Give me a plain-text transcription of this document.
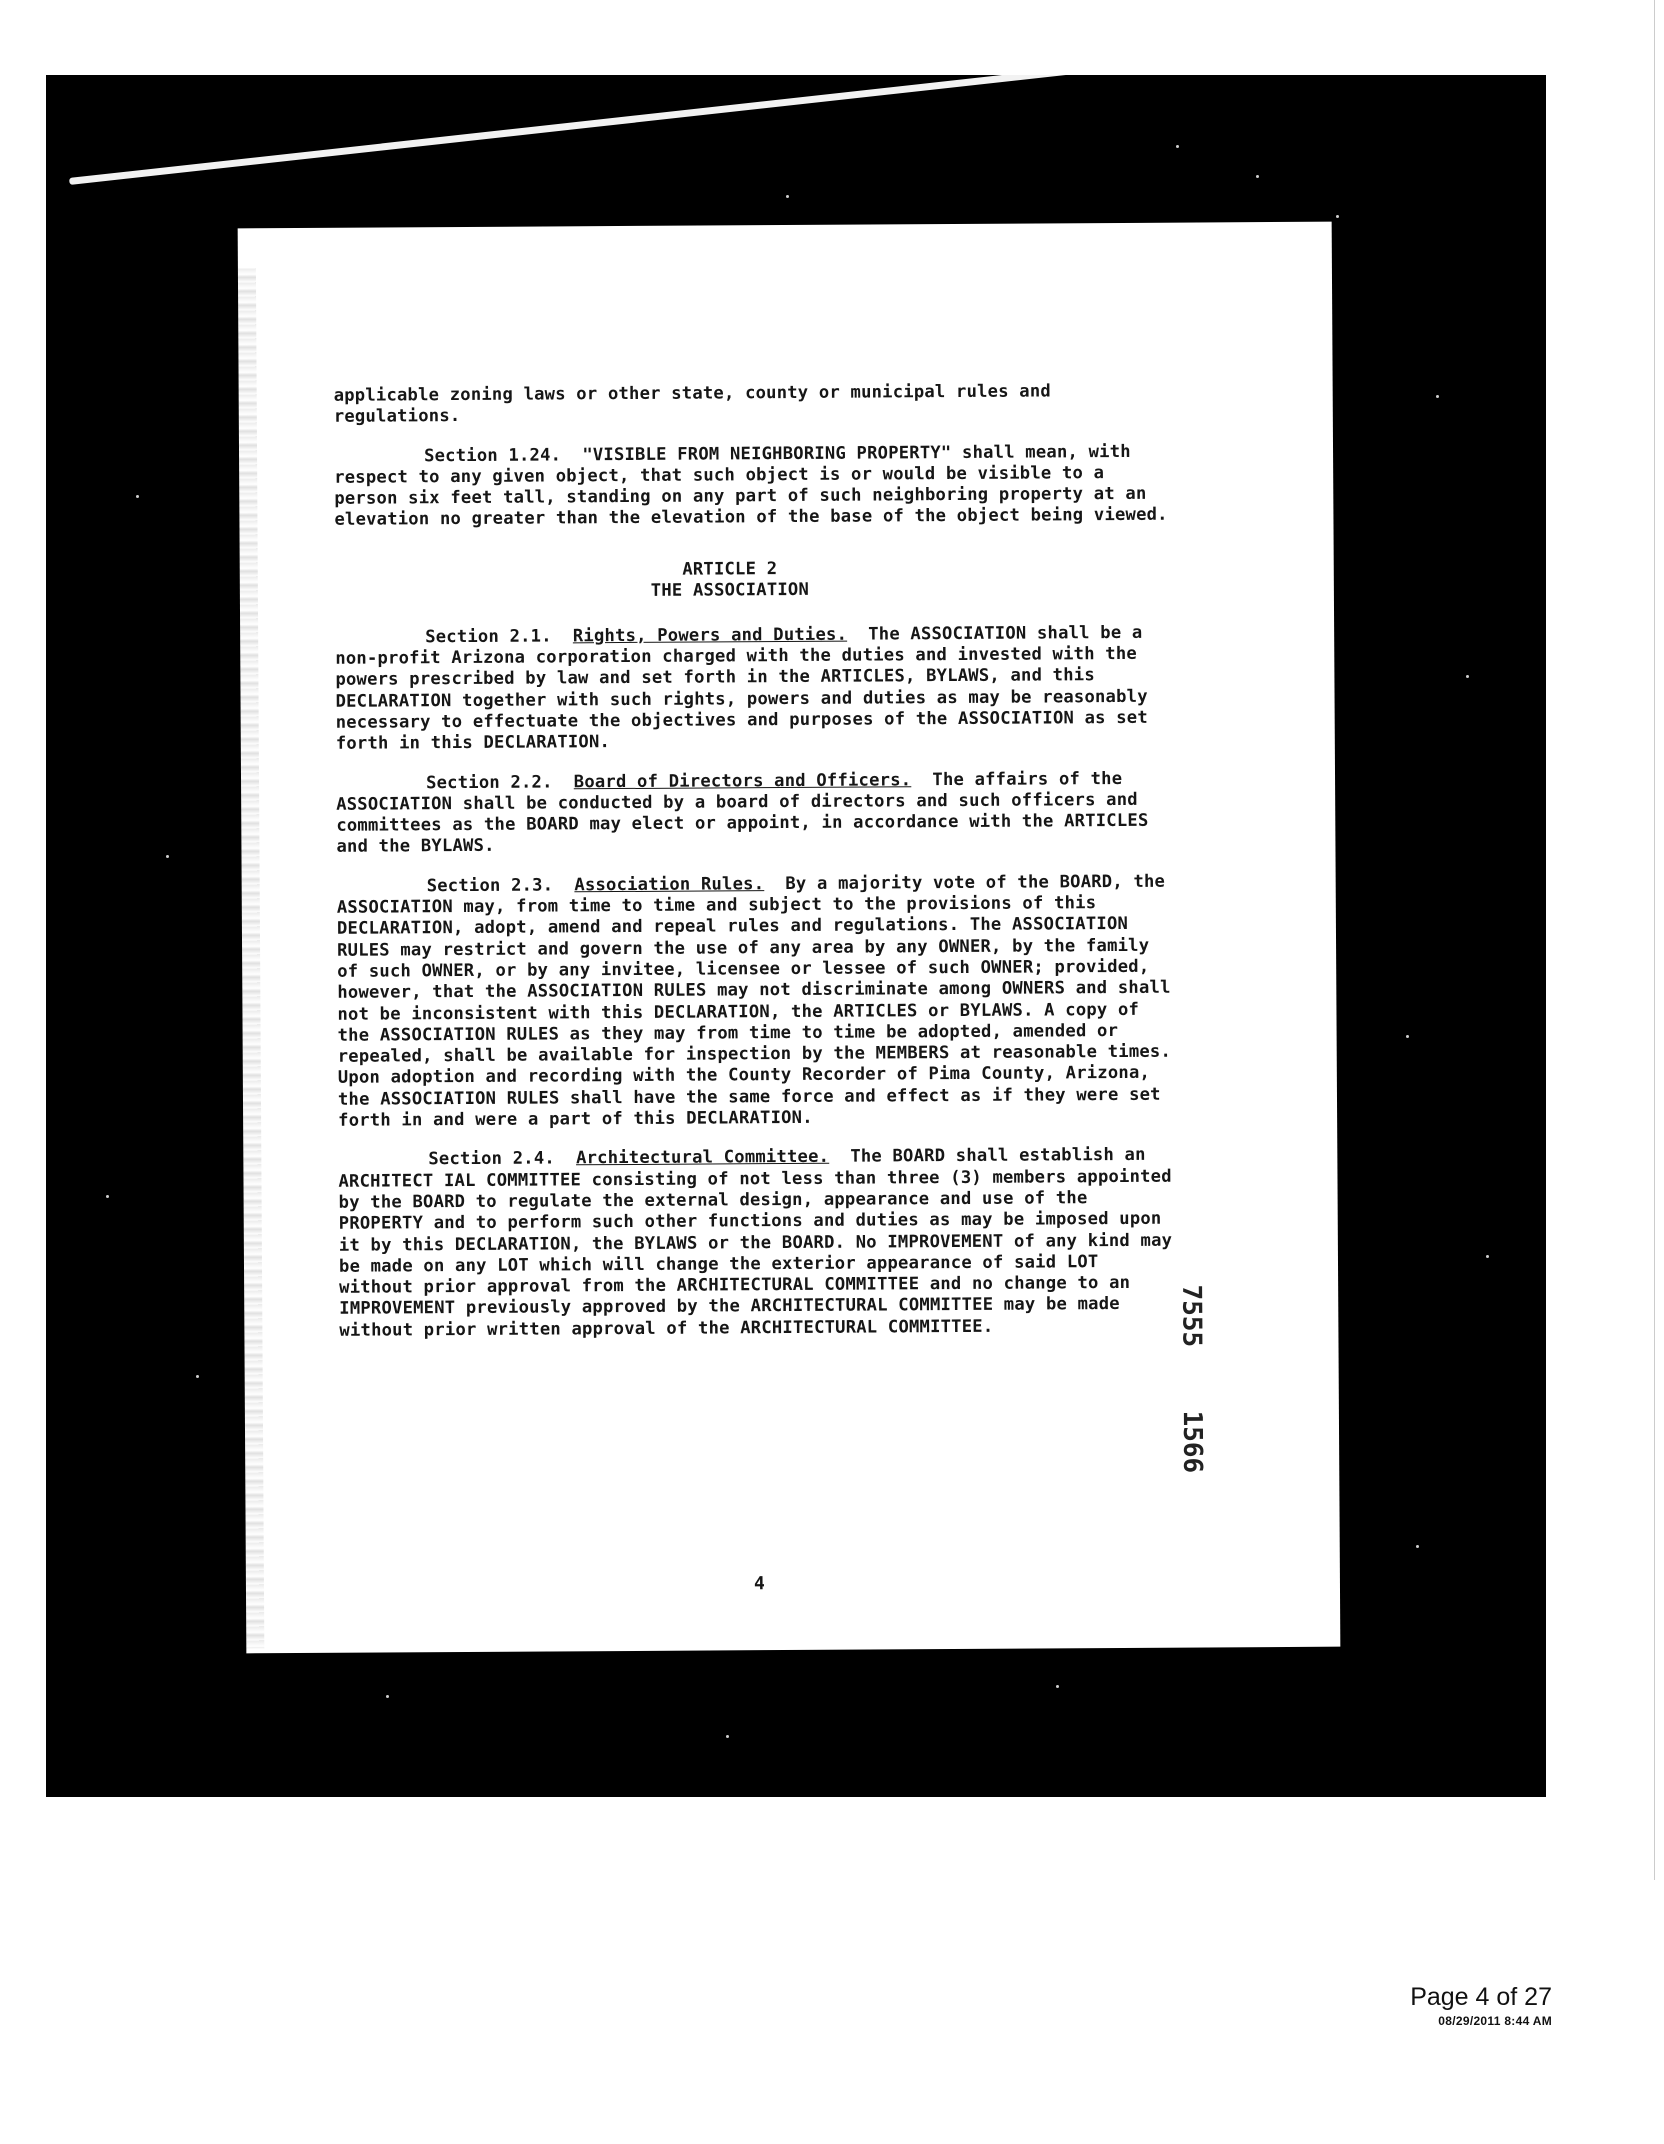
applicable zoning laws or other state, county or municipal rules and regulations.

Section 1.24. "VISIBLE FROM NEIGHBORING PROPERTY" shall mean, with respect to any given object, that such object is or would be visible to a person six feet tall, standing on any part of such neighboring property at an elevation no greater than the elevation of the base of the object being viewed.

ARTICLE 2
THE ASSOCIATION

Section 2.1. Rights, Powers and Duties. The ASSOCIATION shall be a non-profit Arizona corporation charged with the duties and invested with the powers prescribed by law and set forth in the ARTICLES, BYLAWS, and this DECLARATION together with such rights, powers and duties as may be reasonably necessary to effectuate the objectives and purposes of the ASSOCIATION as set forth in this DECLARATION.

Section 2.2. Board of Directors and Officers. The affairs of the ASSOCIATION shall be conducted by a board of directors and such officers and committees as the BOARD may elect or appoint, in accordance with the ARTICLES and the BYLAWS.

Section 2.3. Association Rules. By a majority vote of the BOARD, the ASSOCIATION may, from time to time and subject to the provisions of this DECLARATION, adopt, amend and repeal rules and regulations. The ASSOCIATION RULES may restrict and govern the use of any area by any OWNER, by the family of such OWNER, or by any invitee, licensee or lessee of such OWNER; provided, however, that the ASSOCIATION RULES may not discriminate among OWNERS and shall not be inconsistent with this DECLARATION, the ARTICLES or BYLAWS. A copy of the ASSOCIATION RULES as they may from time to time be adopted, amended or repealed, shall be available for inspection by the MEMBERS at reasonable times. Upon adoption and recording with the County Recorder of Pima County, Arizona, the ASSOCIATION RULES shall have the same force and effect as if they were set forth in and were a part of this DECLARATION.

Section 2.4. Architectural Committee. The BOARD shall establish an ARCHITECT IAL COMMITTEE consisting of not less than three (3) members appointed by the BOARD to regulate the external design, appearance and use of the PROPERTY and to perform such other functions and duties as may be imposed upon it by this DECLARATION, the BYLAWS or the BOARD. No IMPROVEMENT of any kind may be made on any LOT which will change the exterior appearance of said LOT without prior approval from the ARCHITECTURAL COMMITTEE and no change to an IMPROVEMENT previously approved by the ARCHITECTURAL COMMITTEE may be made without prior written approval of the ARCHITECTURAL COMMITTEE.	7555
1566
4
Page 4 of 27
08/29/2011 8:44 AM
